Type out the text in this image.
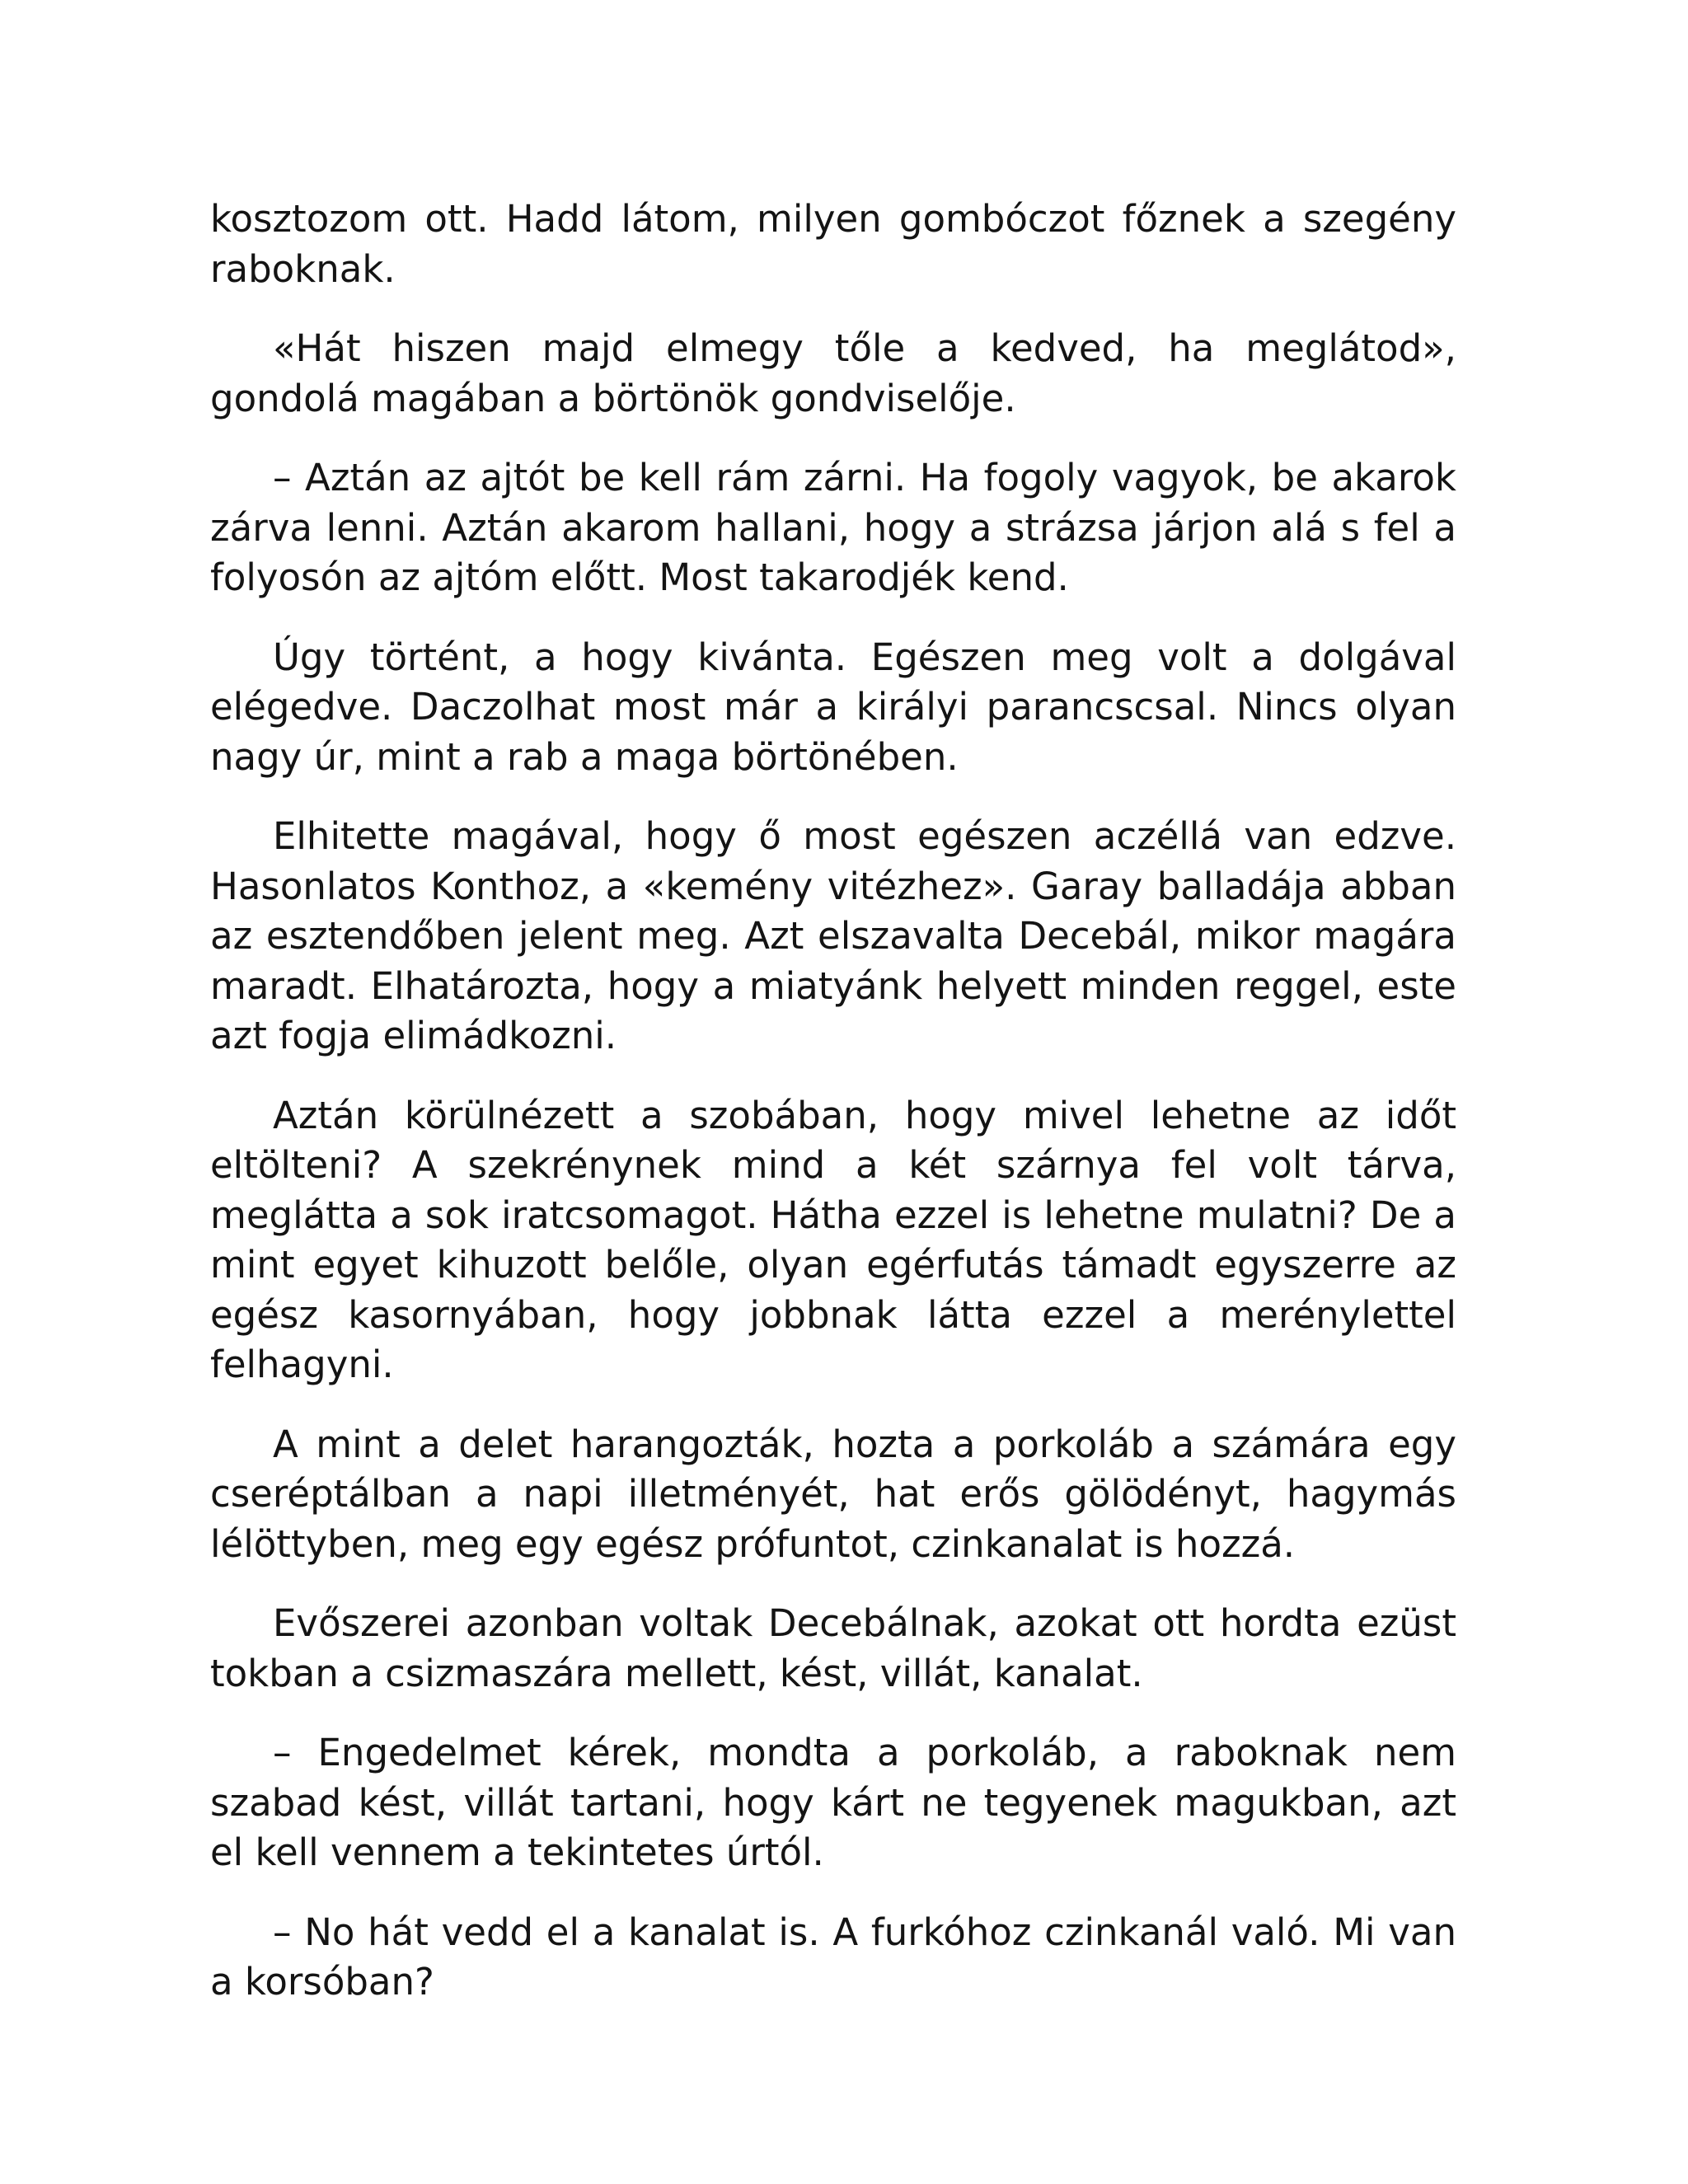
kosztozom ott. Hadd látom, milyen gombóczot főznek a szegény raboknak.

«Hát hiszen majd elmegy tőle a kedved, ha meglátod», gondolá magában a börtönök gondviselője.

– Aztán az ajtót be kell rám zárni. Ha fogoly vagyok, be akarok zárva lenni. Aztán akarom hallani, hogy a strázsa járjon alá s fel a folyosón az ajtóm előtt. Most takarodjék kend.

Úgy történt, a hogy kivánta. Egészen meg volt a dolgával elégedve. Daczolhat most már a királyi parancscsal. Nincs olyan nagy úr, mint a rab a maga börtönében.

Elhitette magával, hogy ő most egészen aczéllá van edzve. Hasonlatos Konthoz, a «kemény vitézhez». Garay balladája abban az esztendőben jelent meg. Azt elszavalta Decebál, mikor magára maradt. Elhatározta, hogy a miatyánk helyett minden reggel, este azt fogja elimádkozni.

Aztán körülnézett a szobában, hogy mivel lehetne az időt eltölteni? A szekrénynek mind a két szárnya fel volt tárva, meglátta a sok iratcsomagot. Hátha ezzel is lehetne mulatni? De a mint egyet kihuzott belőle, olyan egérfutás támadt egyszerre az egész kasornyában, hogy jobbnak látta ezzel a merénylettel felhagyni.

A mint a delet harangozták, hozta a porkoláb a számára egy cseréptálban a napi illetményét, hat erős gölödényt, hagymás lélöttyben, meg egy egész prófuntot, czinkanalat is hozzá.

Evőszerei azonban voltak Decebálnak, azokat ott hordta ezüst tokban a csizmaszára mellett, kést, villát, kanalat.

– Engedelmet kérek, mondta a porkoláb, a raboknak nem szabad kést, villát tartani, hogy kárt ne tegyenek magukban, azt el kell vennem a tekintetes úrtól.

– No hát vedd el a kanalat is. A furkóhoz czinkanál való. Mi van a korsóban?
